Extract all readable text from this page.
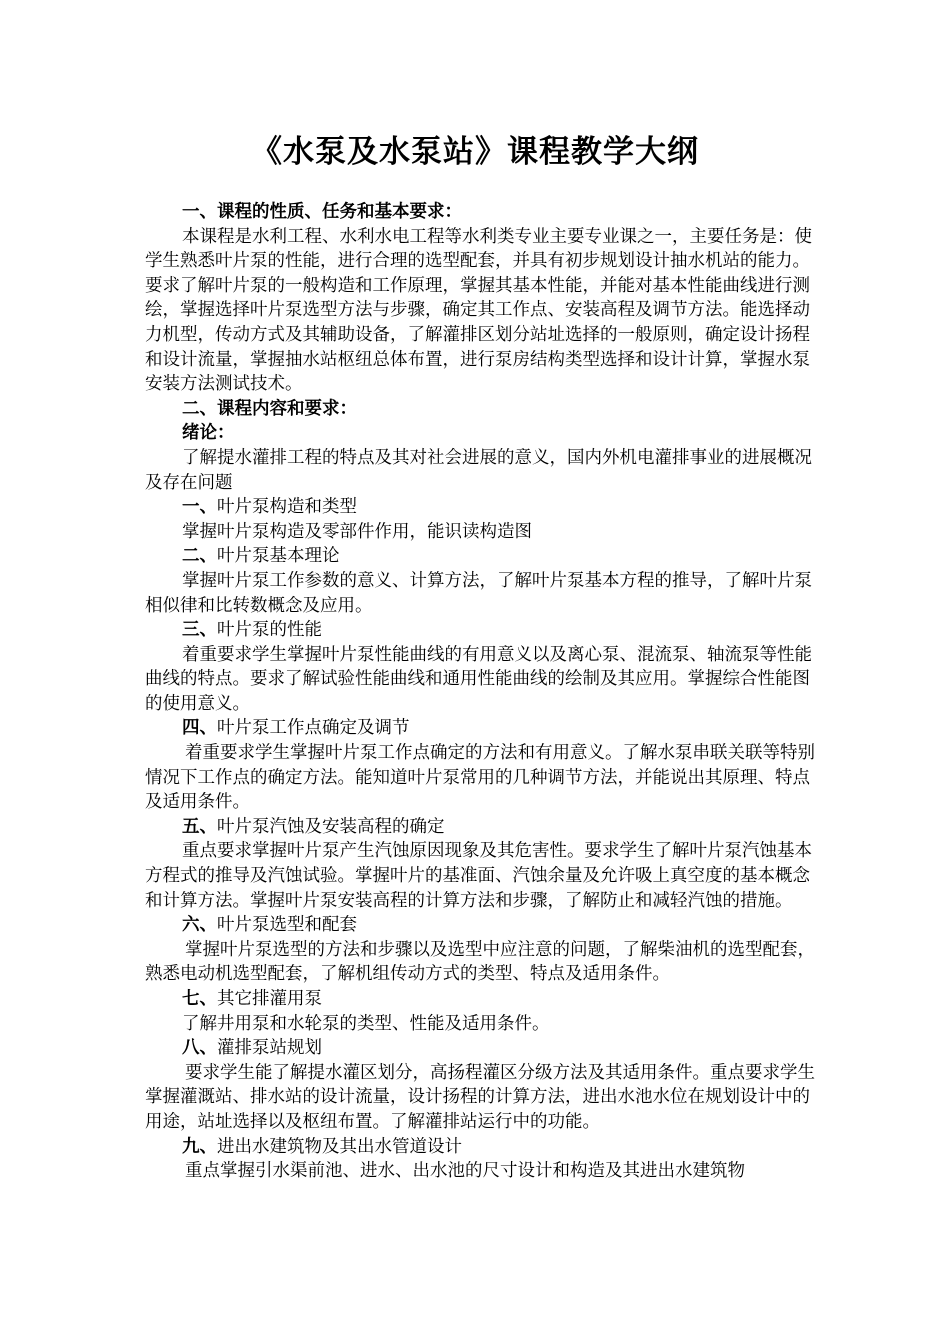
《水泵及水泵站》课程教学大纲

一、课程的性质、任务和基本要求：

本课程是水利工程、水利水电工程等水利类专业主要专业课之一，主要任务是：使学生熟悉叶片泵的性能，进行合理的选型配套，并具有初步规划设计抽水机站的能力。要求了解叶片泵的一般构造和工作原理，掌握其基本性能，并能对基本性能曲线进行测绘，掌握选择叶片泵选型方法与步骤，确定其工作点、安装高程及调节方法。能选择动力机型，传动方式及其辅助设备，了解灌排区划分站址选择的一般原则，确定设计扬程和设计流量，掌握抽水站枢纽总体布置，进行泵房结构类型选择和设计计算，掌握水泵安装方法测试技术。

二、课程内容和要求：

绪论：

了解提水灌排工程的特点及其对社会进展的意义，国内外机电灌排事业的进展概况及存在问题

一、叶片泵构造和类型

掌握叶片泵构造及零部件作用，能识读构造图

二、叶片泵基本理论

掌握叶片泵工作参数的意义、计算方法，了解叶片泵基本方程的推导，了解叶片泵相似律和比转数概念及应用。

三、叶片泵的性能

着重要求学生掌握叶片泵性能曲线的有用意义以及离心泵、混流泵、轴流泵等性能曲线的特点。要求了解试验性能曲线和通用性能曲线的绘制及其应用。掌握综合性能图的使用意义。

四、叶片泵工作点确定及调节

着重要求学生掌握叶片泵工作点确定的方法和有用意义。了解水泵串联关联等特别情况下工作点的确定方法。能知道叶片泵常用的几种调节方法，并能说出其原理、特点及适用条件。

五、叶片泵汽蚀及安装高程的确定

重点要求掌握叶片泵产生汽蚀原因现象及其危害性。要求学生了解叶片泵汽蚀基本方程式的推导及汽蚀试验。掌握叶片的基准面、汽蚀余量及允许吸上真空度的基本概念和计算方法。掌握叶片泵安装高程的计算方法和步骤，了解防止和减轻汽蚀的措施。

六、叶片泵选型和配套

掌握叶片泵选型的方法和步骤以及选型中应注意的问题，了解柴油机的选型配套，熟悉电动机选型配套，了解机组传动方式的类型、特点及适用条件。

七、其它排灌用泵

了解井用泵和水轮泵的类型、性能及适用条件。

八、灌排泵站规划

要求学生能了解提水灌区划分，高扬程灌区分级方法及其适用条件。重点要求学生掌握灌溉站、排水站的设计流量，设计扬程的计算方法，进出水池水位在规划设计中的用途，站址选择以及枢纽布置。了解灌排站运行中的功能。

九、进出水建筑物及其出水管道设计

重点掌握引水渠前池、进水、出水池的尺寸设计和构造及其进出水建筑物
